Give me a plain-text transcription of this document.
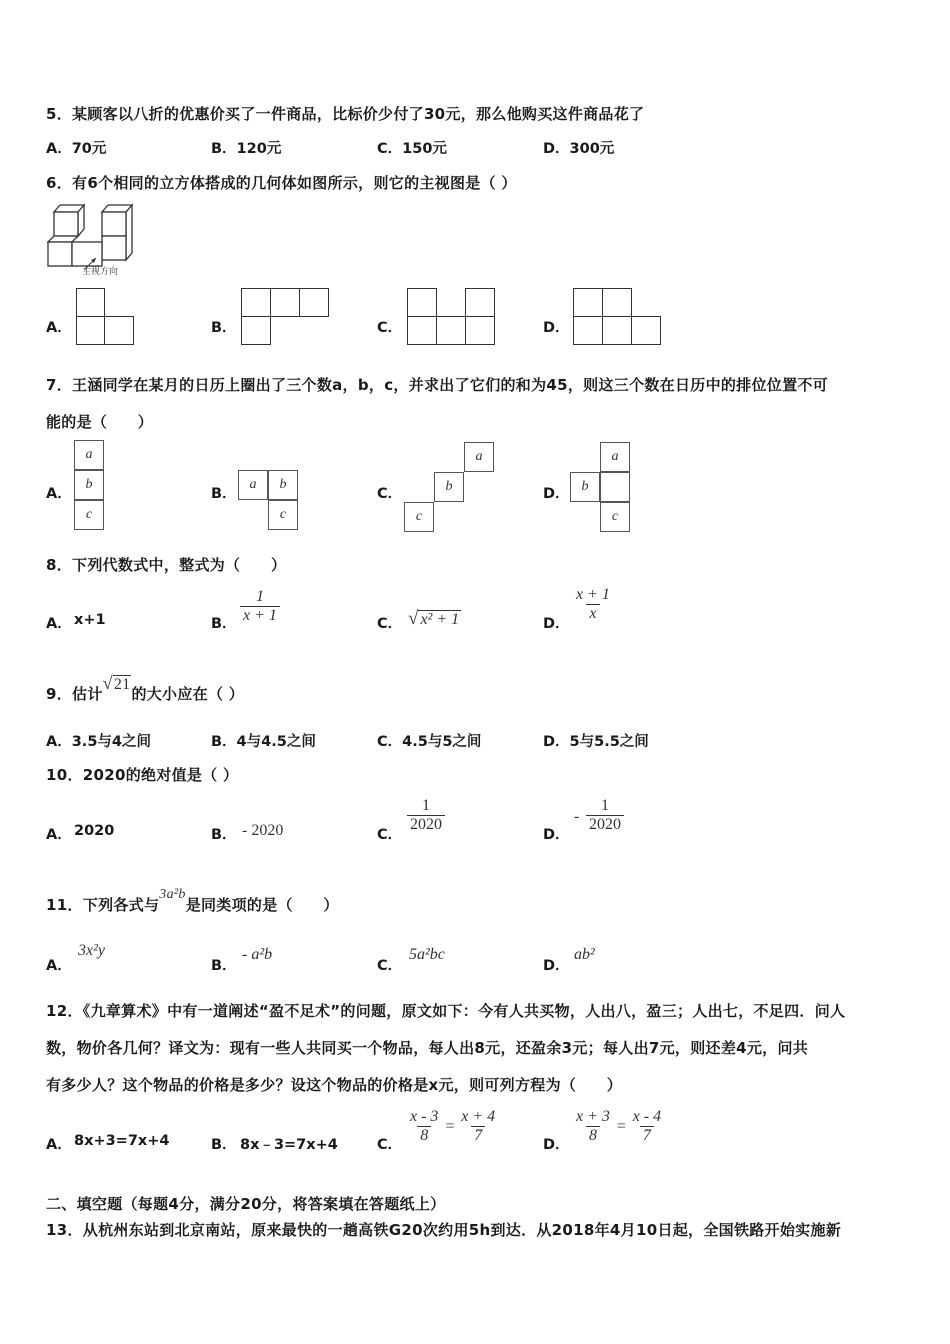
5．某顾客以八折的优惠价买了一件商品，比标价少付了30元，那么他购买这件商品花了
A．70元	B．120元	C．150元	D．300元
6．有6个相同的立方体搭成的几何体如图所示，则它的主视图是（ ）
主视方向
A．	B．	C．	D．
7．王涵同学在某月的日历上圈出了三个数a，b，c，并求出了它们的和为45，则这三个数在日历中的排位位置不可
能的是（　　）
A．
a
b
c
B．
a	b
c
C．
a
b
c
D．
a
b
c
8．下列代数式中，整式为（　　）
A． x+1	B． $\frac{1}{x + 1}$	C． √ x² + 1	D．
$\frac{x + 1}{x}$
9．估计√21的大小应在（ ）
A．3.5与4之间	B．4与4.5之间	C．4.5与5之间	D．5与5.5之间
10．2020的绝对值是（ ）
A． 2020	B． - 2020	C．
$\frac{1}{2020}$
D．
- $\frac{1}{2020}$
11．下列各式与3a²b是同类项的是（　　）
A．
3x²y
B．
- a²b
C．
5a²bc
D．
ab²
12．《九章算术》中有一道阐述“盈不足术”的问题，原文如下：今有人共买物，人出八，盈三；人出七，不足四．问人
数，物价各几何？译文为：现有一些人共同买一个物品，每人出8元，还盈余3元；每人出7元，则还差4元，问共
有多少人？这个物品的价格是多少？设这个物品的价格是x元，则可列方程为（　　）
A． 8x+3=7x+4	B． 8x﹣3=7x+4	C． $\frac{x - 3}{8} = \frac{x + 4}{7}$	D． $\frac{x + 3}{8} = \frac{x - 4}{7}$
二、填空题（每题4分，满分20分，将答案填在答题纸上）
13．从杭州东站到北京南站，原来最快的一趟高铁G20次约用5h到达．从2018年4月10日起，全国铁路开始实施新
